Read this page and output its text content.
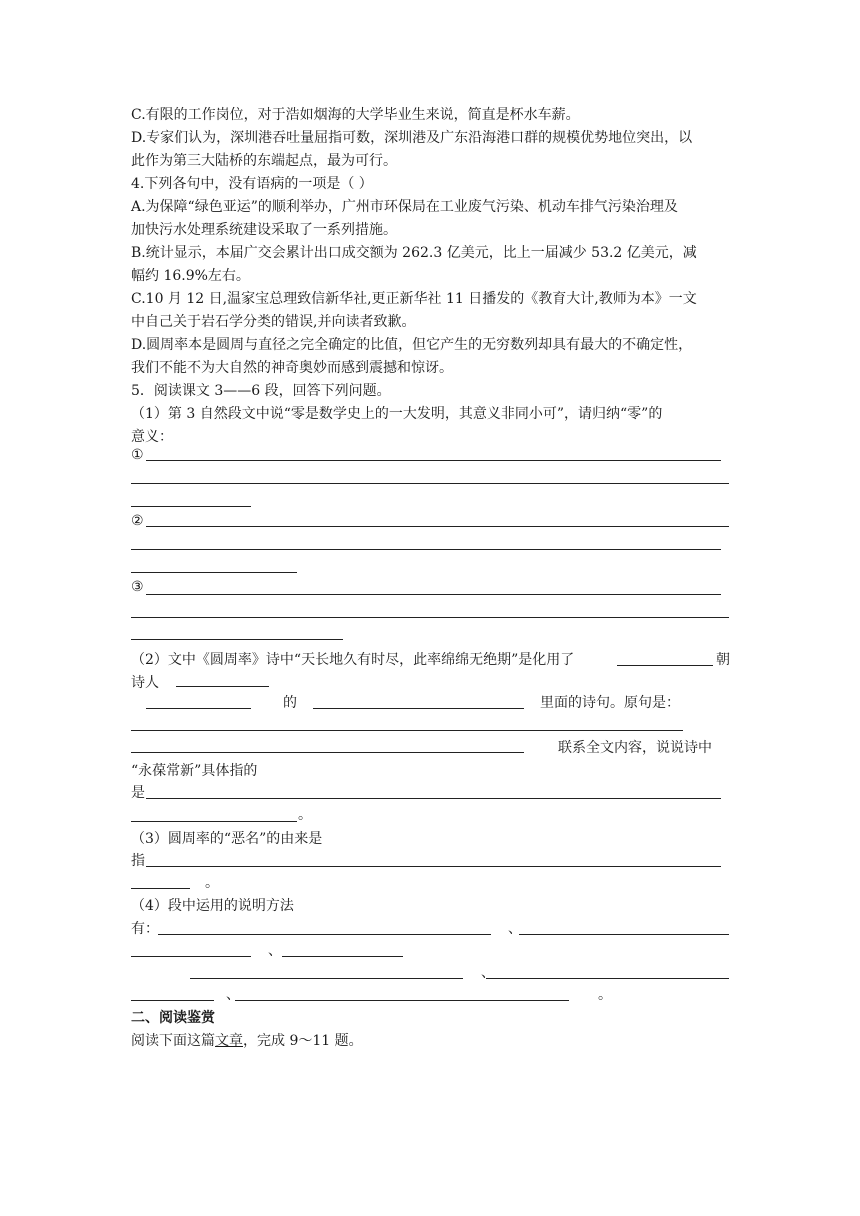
C.有限的工作岗位，对于浩如烟海的大学毕业生来说，简直是杯水车薪。
D.专家们认为，深圳港吞吐量屈指可数，深圳港及广东沿海港口群的规模优势地位突出，以
此作为第三大陆桥的东端起点，最为可行。
4.下列各句中，没有语病的一项是（ ）
A.为保障“绿色亚运”的顺利举办，广州市环保局在工业废气污染、机动车排气污染治理及
加快污水处理系统建设采取了一系列措施。
B.统计显示，本届广交会累计出口成交额为 262.3 亿美元，比上一届减少 53.2 亿美元，减
幅约 16.9%左右。
C.10 月 12 日,温家宝总理致信新华社,更正新华社 11 日播发的《教育大计,教师为本》一文
中自己关于岩石学分类的错误,并向读者致歉。
D.圆周率本是圆周与直径之完全确定的比值，但它产生的无穷数列却具有最大的不确定性，
我们不能不为大自然的神奇奥妙而感到震撼和惊讶。
5．阅读课文 3——6 段，回答下列问题。
（1）第 3 自然段文中说“零是数学史上的一大发明，其意义非同小可”，请归纳“零”的
意义：
①
②
③
（2）文中《圆周率》诗中“天长地久有时尽，此率绵绵无绝期”是化用了	朝
诗人
的	里面的诗句。原句是：
联系全文内容，说说诗中
“永葆常新”具体指的
是
。
（3）圆周率的“恶名”的由来是
指
。
（4）段中运用的说明方法
有：	、
、
、
、	。
二、阅读鉴赏
阅读下面这篇文章，完成 9～11 题。
